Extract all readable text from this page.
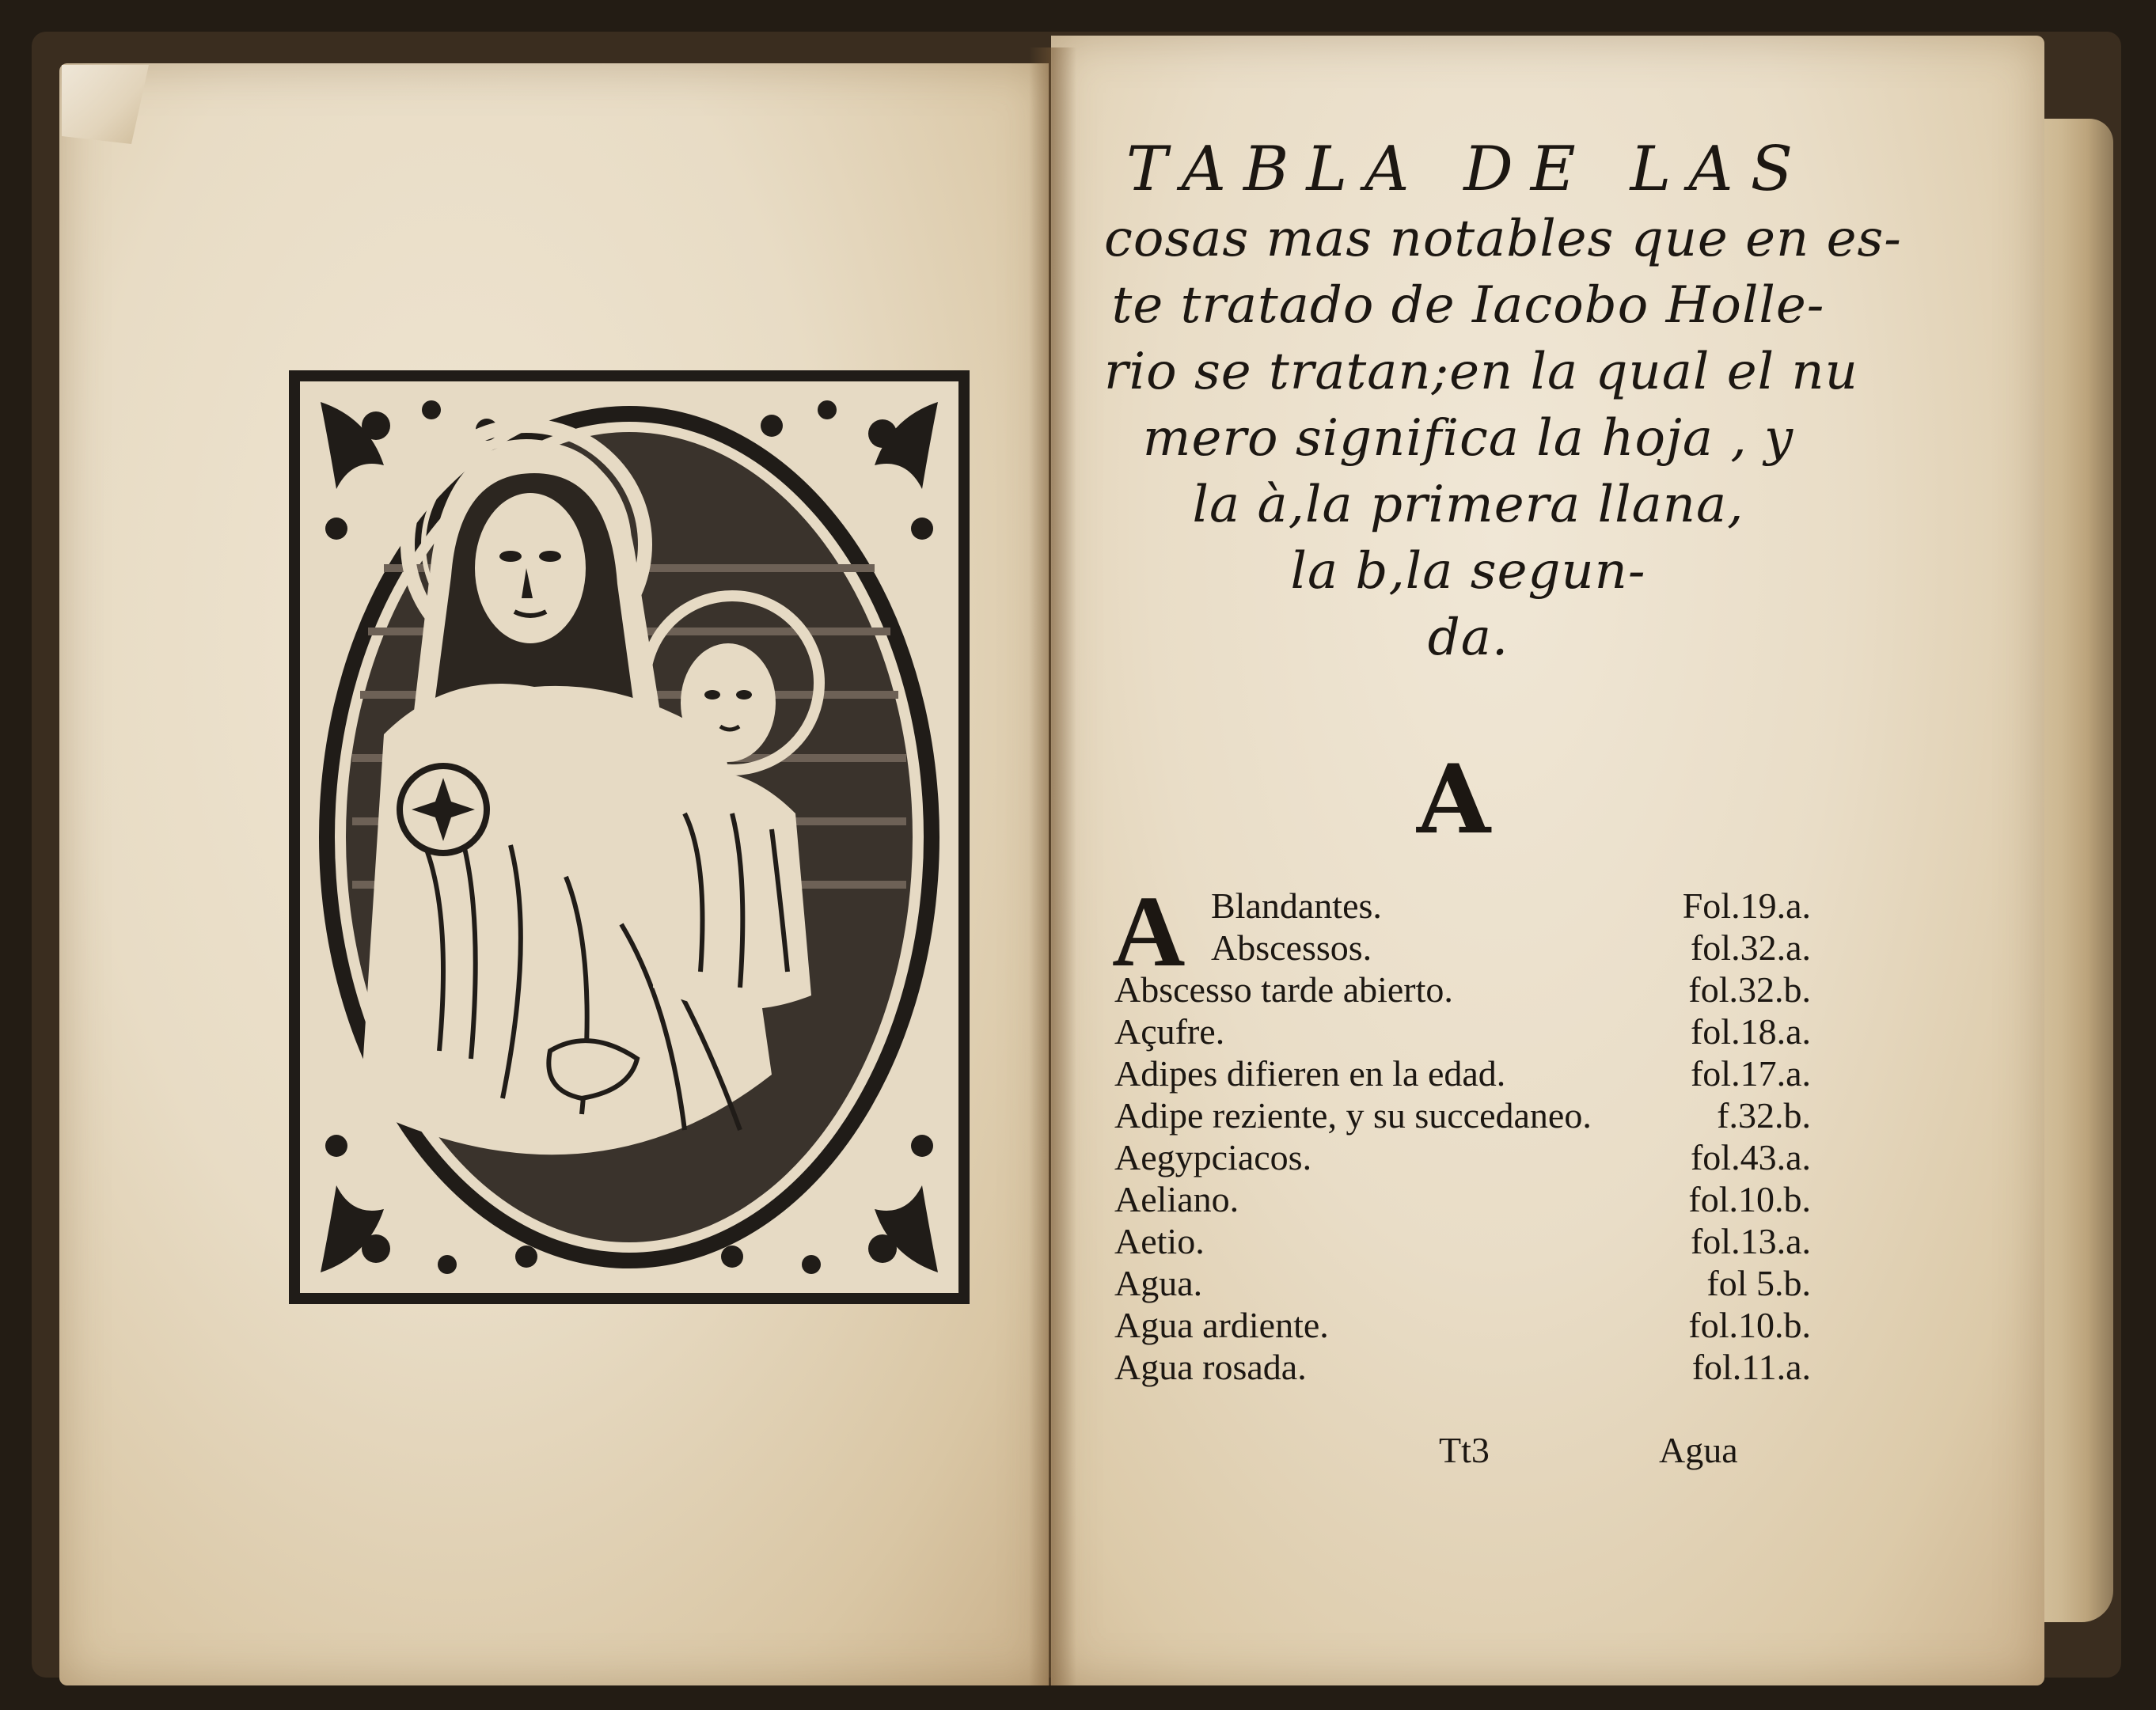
TABLA DE LAS
cosas mas notables que en es-
te tratado de Iacobo Holle-
rio se tratan;en la qual el nu
mero significa la hoja , y
la à,la primera llana,
la b,la segun-
da.
A
A Blandantes.	Fol.19.a.
Abscessos.	fol.32.a.
Abscesso tarde abierto.	fol.32.b.
Açufre.	fol.18.a.
Adipes difieren en la edad.	fol.17.a.
Adipe reziente, y su succedaneo.	f.32.b.
Aegypciacos.	fol.43.a.
Aeliano.	fol.10.b.
Aetio.	fol.13.a.
Agua.	fol 5.b.
Agua ardiente.	fol.10.b.
Agua rosada.	fol.11.a.
Tt3	Agua
